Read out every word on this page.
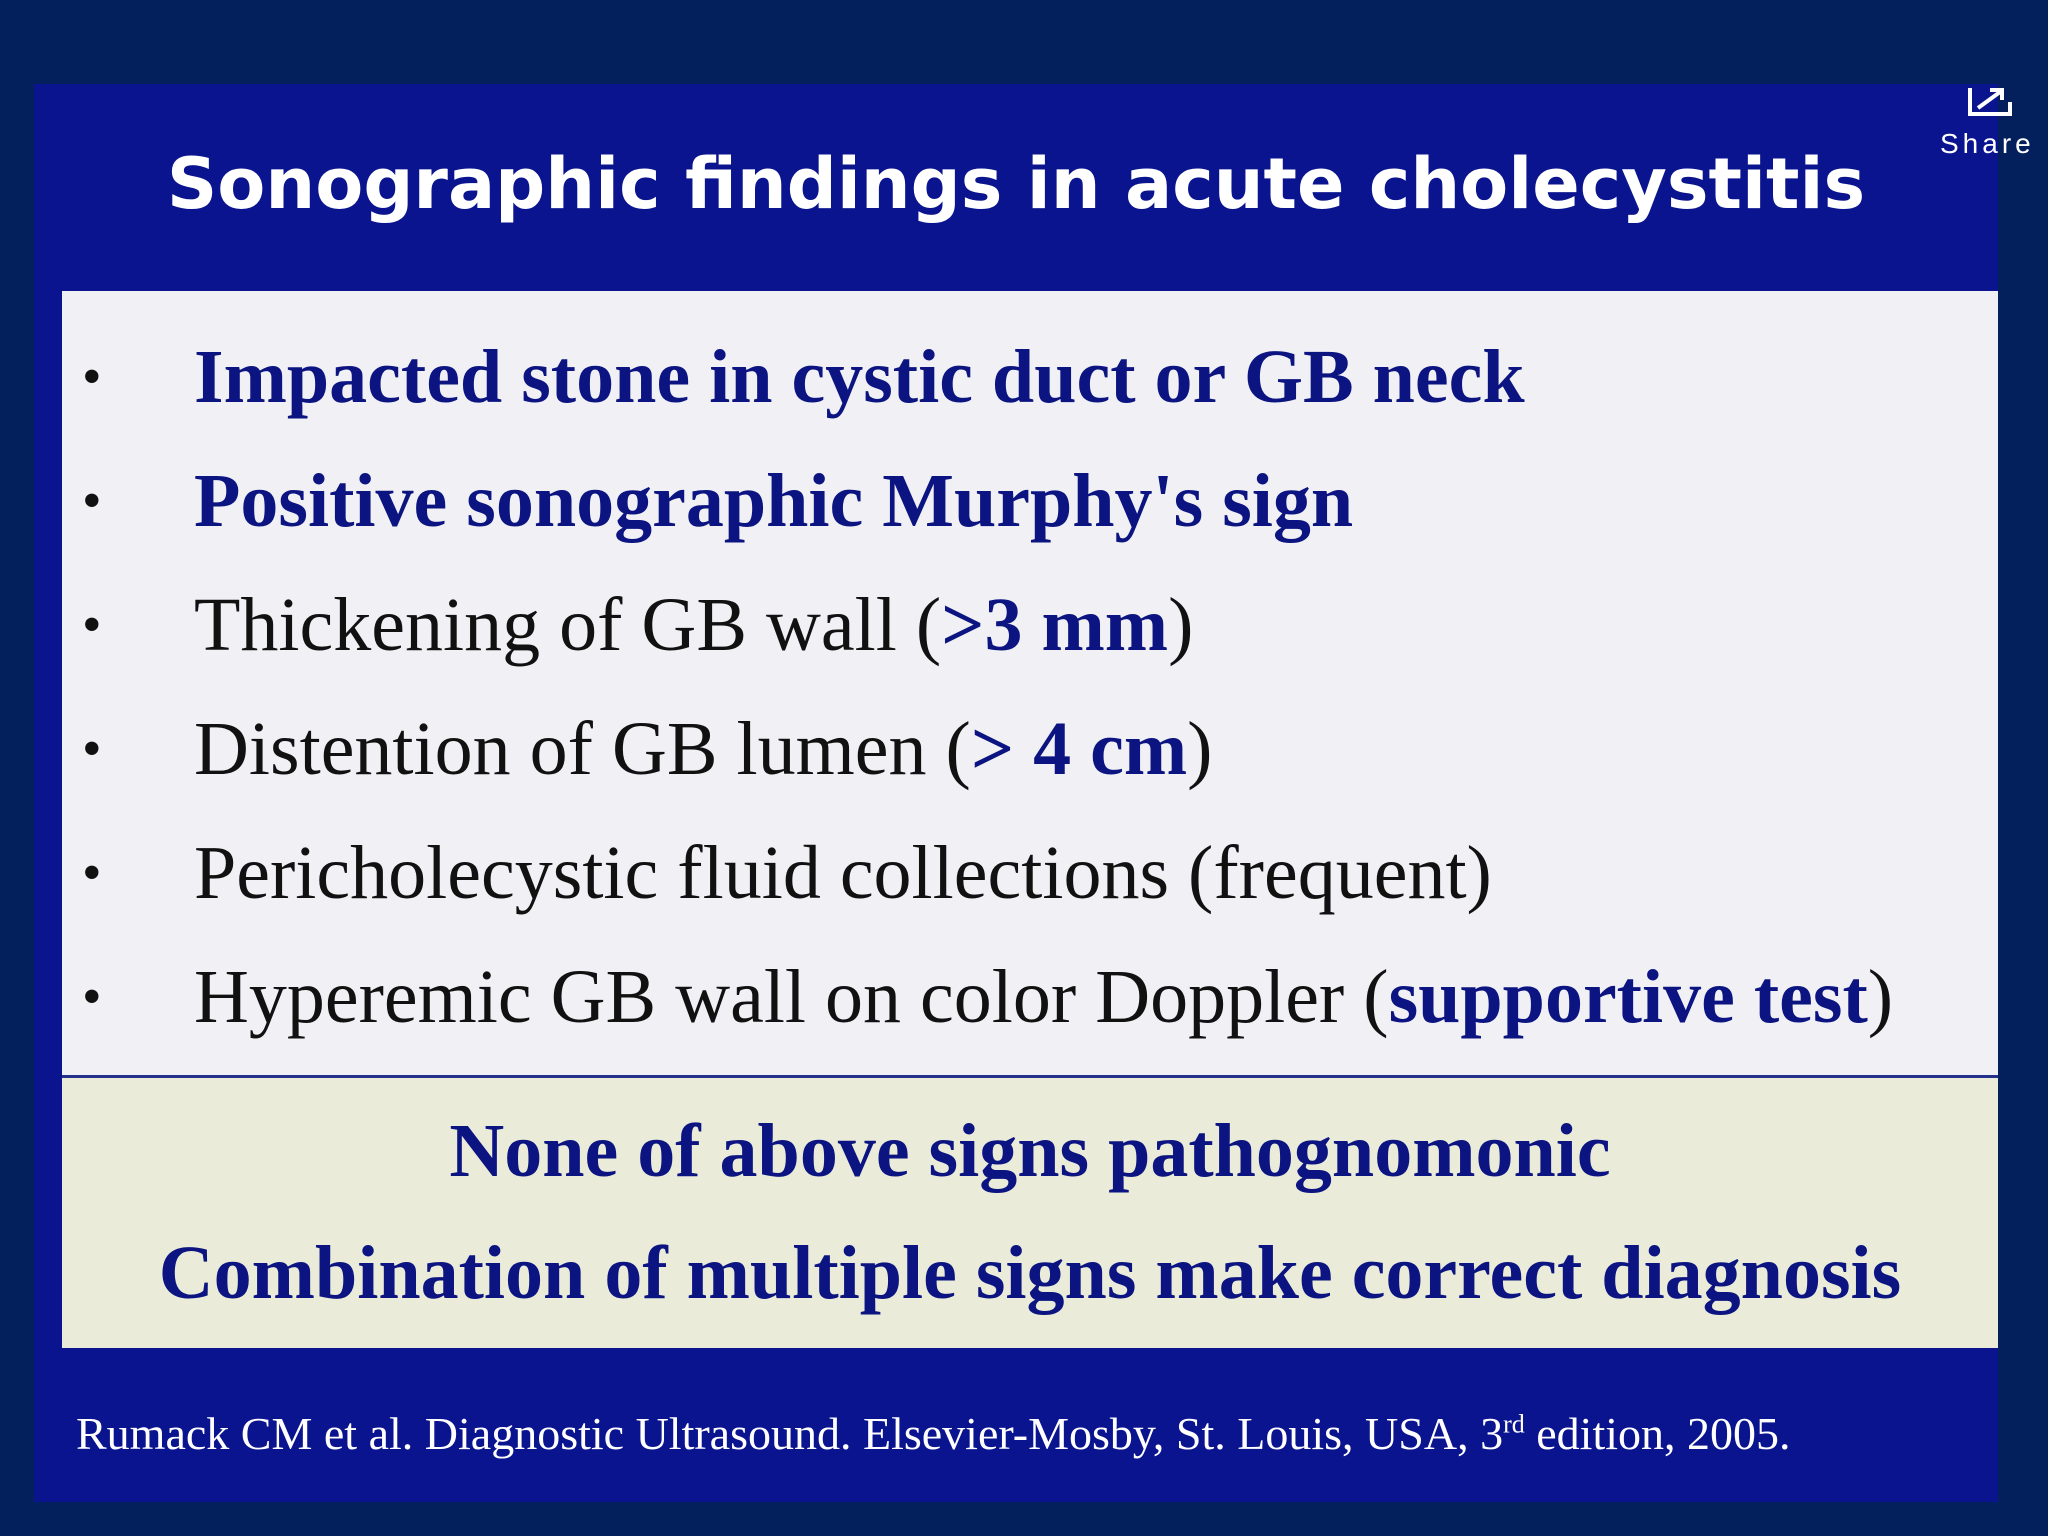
Share
Sonographic findings in acute cholecystitis
• Impacted stone in cystic duct or GB neck
• Positive sonographic Murphy's sign
• Thickening of GB wall (>3 mm)
• Distention of GB lumen (> 4 cm)
• Pericholecystic fluid collections (frequent)
• Hyperemic GB wall on color Doppler (supportive test)
None of above signs pathognomonic
Combination of multiple signs make correct diagnosis
Rumack CM et al. Diagnostic Ultrasound. Elsevier-Mosby, St. Louis, USA, 3rd edition, 2005.
